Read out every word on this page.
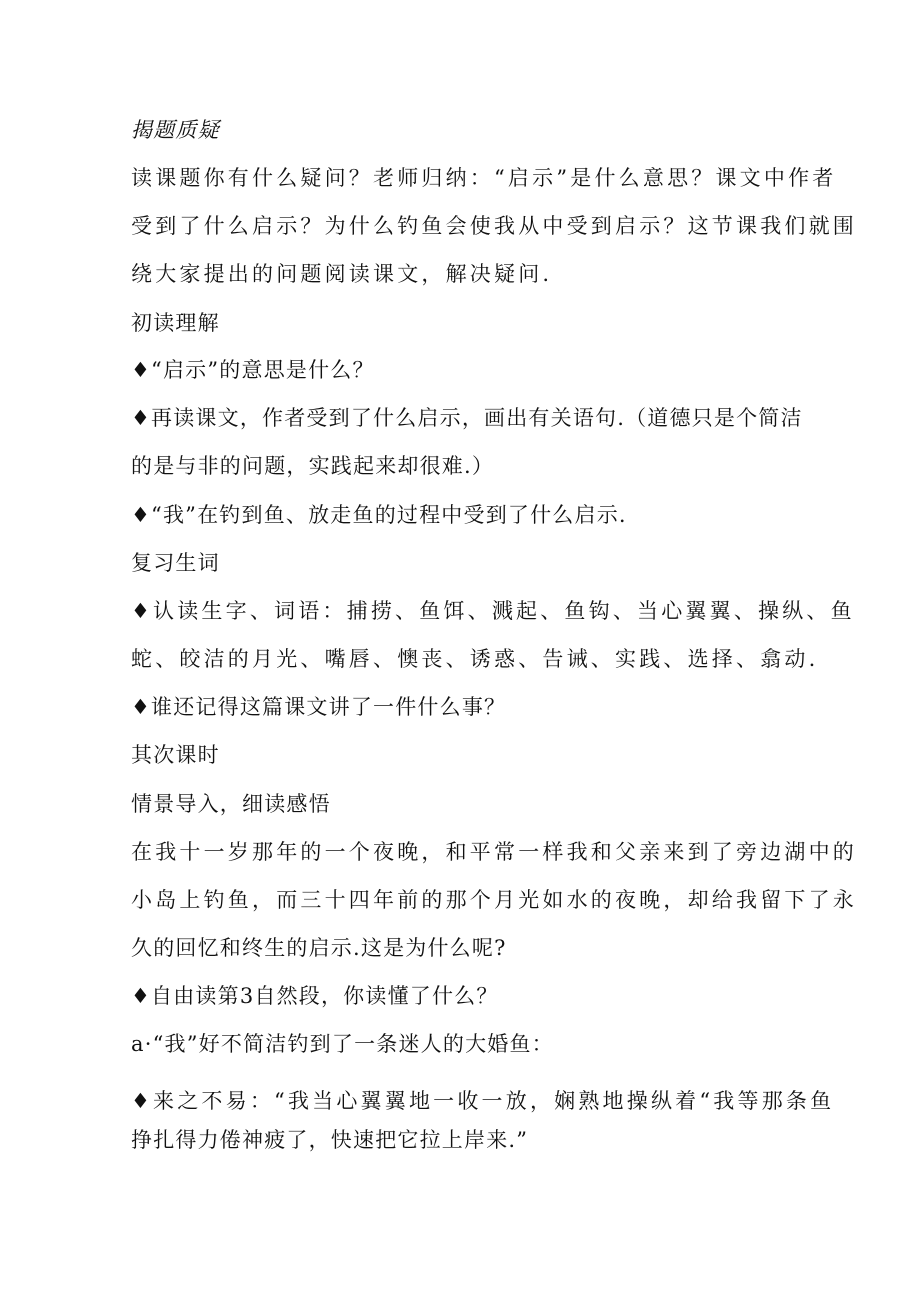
揭题质疑
读课题你有什么疑问？老师归纳：“启示”是什么意思？课文中作者
受到了什么启示？为什么钓鱼会使我从中受到启示？这节课我们就围
绕大家提出的问题阅读课文，解决疑问.
初读理解
♦“启示”的意思是什么？
♦再读课文，作者受到了什么启示，画出有关语句.（道德只是个简洁
的是与非的问题，实践起来却很难.）
♦“我”在钓到鱼、放走鱼的过程中受到了什么启示.
复习生词
♦认读生字、词语：捕捞、鱼饵、溅起、鱼钩、当心翼翼、操纵、鱼
蛇、皎洁的月光、嘴唇、懊丧、诱惑、告诫、实践、选择、翕动.
♦谁还记得这篇课文讲了一件什么事？
其次课时
情景导入，细读感悟
在我十一岁那年的一个夜晚，和平常一样我和父亲来到了旁边湖中的
小岛上钓鱼，而三十四年前的那个月光如水的夜晚，却给我留下了永
久的回忆和终生的启示.这是为什么呢?
♦自由读第3自然段，你读懂了什么？
a·“我”好不简洁钓到了一条迷人的大婚鱼：
♦来之不易：“我当心翼翼地一收一放，娴熟地操纵着“我等那条鱼
挣扎得力倦神疲了，快速把它拉上岸来.”
